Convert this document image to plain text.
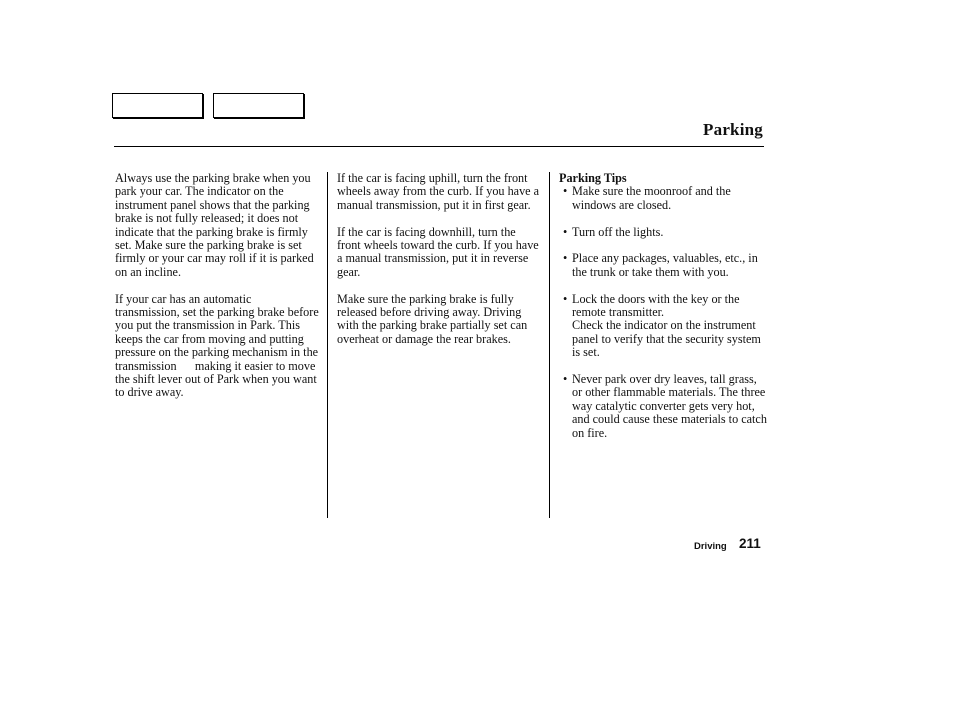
Parking

Always use the parking brake when you park your car. The indicator on the instrument panel shows that the parking brake is not fully released; it does not indicate that the parking brake is firmly set. Make sure the parking brake is set firmly or your car may roll if it is parked on an incline.

If your car has an automatic transmission, set the parking brake before you put the transmission in Park. This keeps the car from moving and putting pressure on the parking mechanism in the transmission      making it easier to move the shift lever out of Park when you want to drive away.

If the car is facing uphill, turn the front wheels away from the curb. If you have a manual transmission, put it in first gear.

If the car is facing downhill, turn the front wheels toward the curb. If you have a manual transmission, put it in reverse gear.

Make sure the parking brake is fully released before driving away. Driving with the parking brake partially set can overheat or damage the rear brakes.

Parking Tips
• Make sure the moonroof and the windows are closed.
• Turn off the lights.
• Place any packages, valuables, etc., in the trunk or take them with you.
• Lock the doors with the key or the remote transmitter.
Check the indicator on the instrument panel to verify that the security system is set.
• Never park over dry leaves, tall grass, or other flammable materials. The three way catalytic converter gets very hot, and could cause these materials to catch on fire.
Driving 211
